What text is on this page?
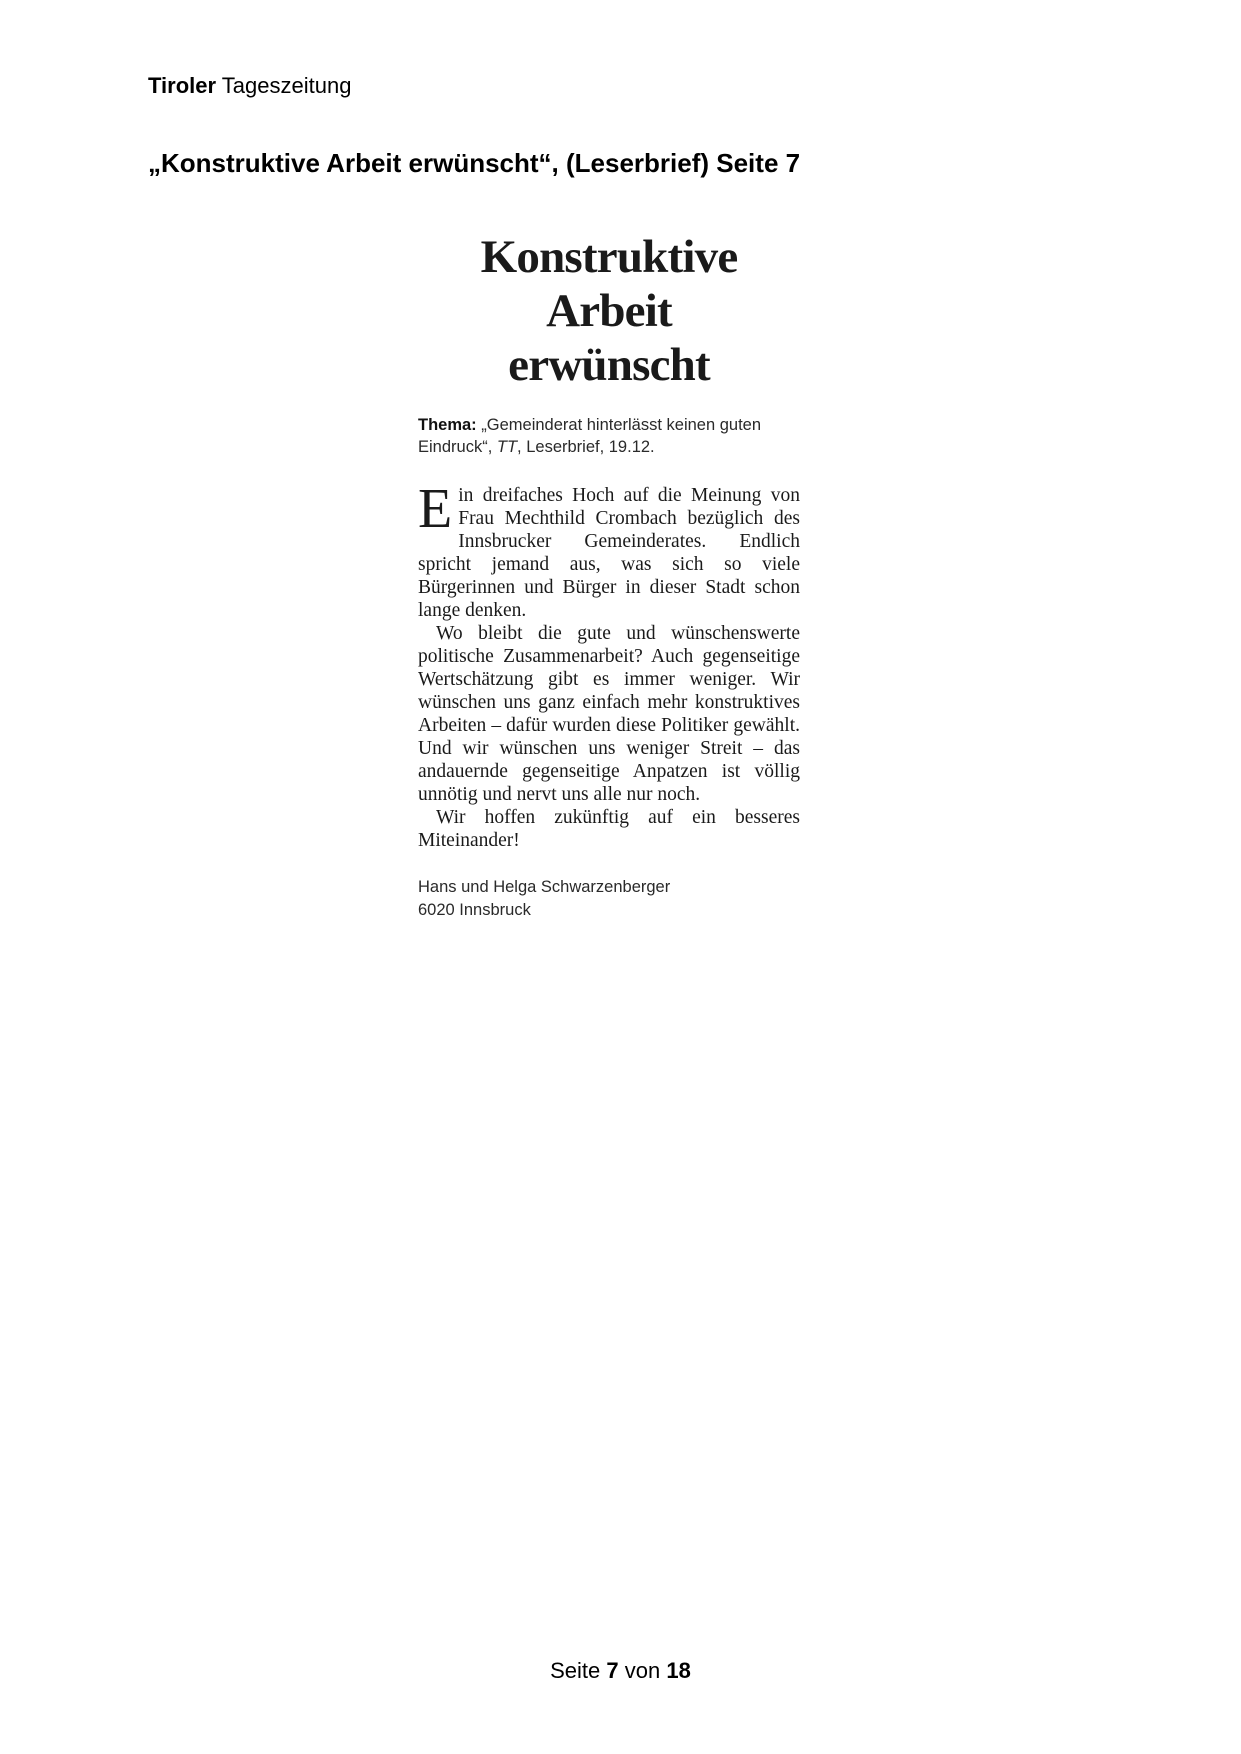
Tiroler Tageszeitung
„Konstruktive Arbeit erwünscht“, (Leserbrief) Seite 7
Konstruktive Arbeit
erwünscht
Thema: „Gemeinderat hinterlässt keinen guten Eindruck“, TT, Leserbrief, 19.12.

Ein dreifaches Hoch auf die Meinung von Frau Mechthild Crombach bezüglich des Innsbrucker Gemeinderates. Endlich spricht jemand aus, was sich so viele Bürgerinnen und Bürger in dieser Stadt schon lange denken.

Wo bleibt die gute und wünschenswerte politische Zusammenarbeit? Auch gegenseitige Wertschätzung gibt es immer weniger. Wir wünschen uns ganz einfach mehr konstruktives Arbeiten – dafür wurden diese Politiker gewählt. Und wir wünschen uns weniger Streit – das andauernde gegenseitige Anpatzen ist völlig unnötig und nervt uns alle nur noch.

Wir hoffen zukünftig auf ein besseres Miteinander!

Hans und Helga Schwarzenberger
6020 Innsbruck
Seite 7 von 18
